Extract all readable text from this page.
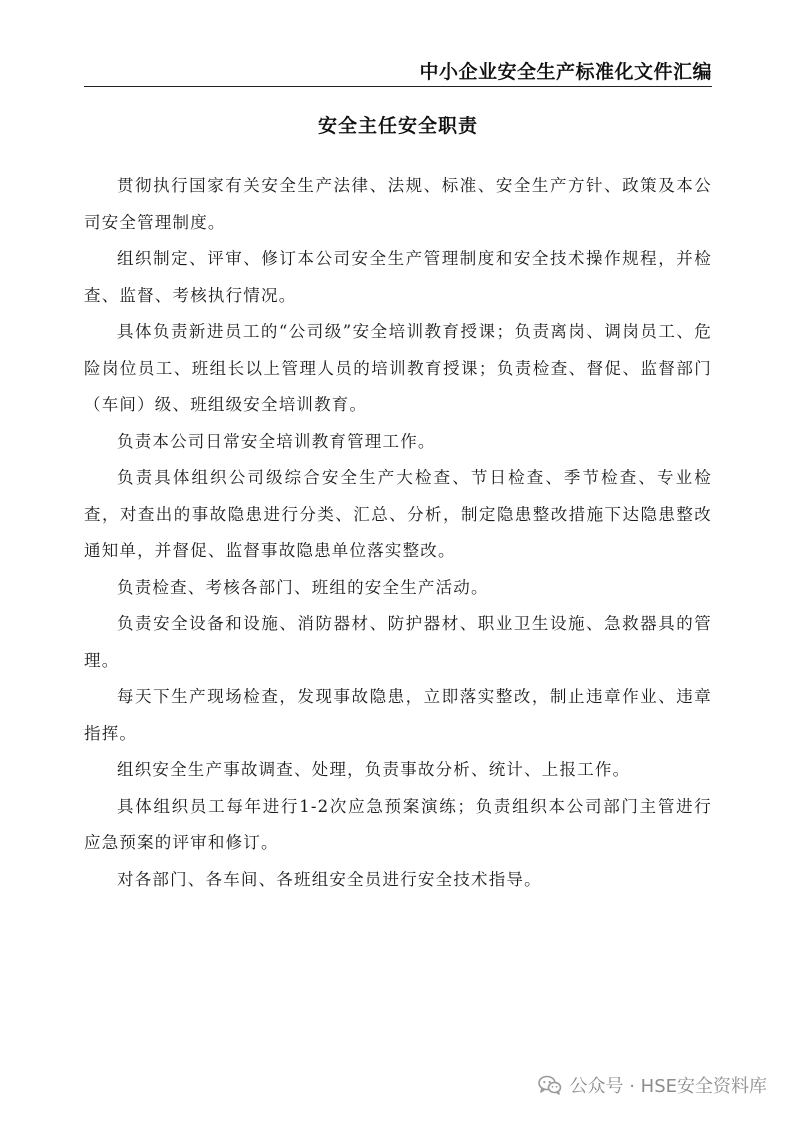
中小企业安全生产标准化文件汇编
安全主任安全职责

贯彻执行国家有关安全生产法律、法规、标准、安全生产方针、政策及本公司安全管理制度。

组织制定、评审、修订本公司安全生产管理制度和安全技术操作规程，并检查、监督、考核执行情况。

具体负责新进员工的“公司级”安全培训教育授课；负责离岗、调岗员工、危险岗位员工、班组长以上管理人员的培训教育授课；负责检查、督促、监督部门（车间）级、班组级安全培训教育。

负责本公司日常安全培训教育管理工作。

负责具体组织公司级综合安全生产大检查、节日检查、季节检查、专业检查，对查出的事故隐患进行分类、汇总、分析，制定隐患整改措施下达隐患整改通知单，并督促、监督事故隐患单位落实整改。

负责检查、考核各部门、班组的安全生产活动。

负责安全设备和设施、消防器材、防护器材、职业卫生设施、急救器具的管理。

每天下生产现场检查，发现事故隐患，立即落实整改，制止违章作业、违章指挥。

组织安全生产事故调查、处理，负责事故分析、统计、上报工作。

具体组织员工每年进行1-2次应急预案演练；负责组织本公司部门主管进行应急预案的评审和修订。

对各部门、各车间、各班组安全员进行安全技术指导。

公众号 · HSE安全资料库
